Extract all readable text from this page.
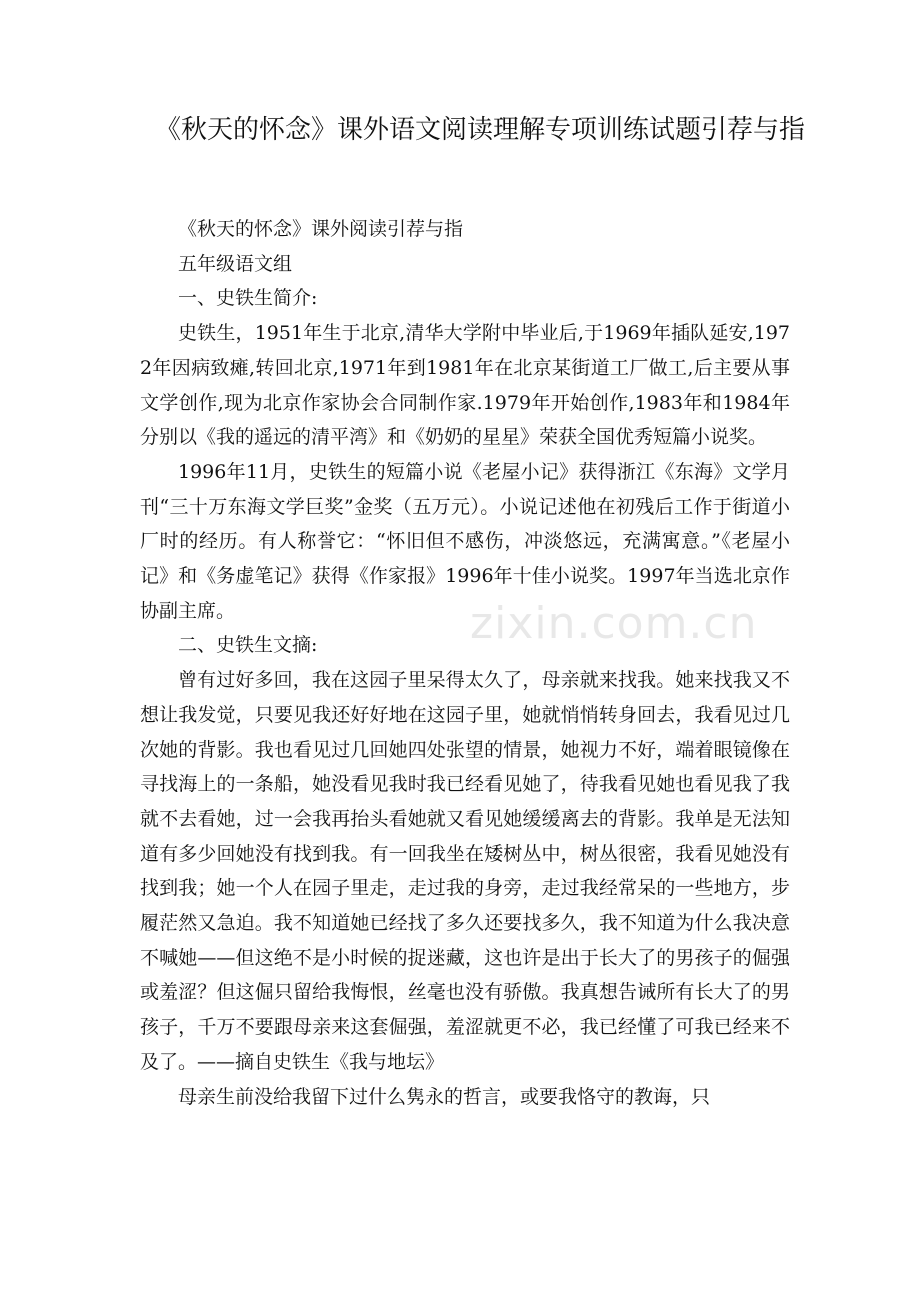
《秋天的怀念》课外语文阅读理解专项训练试题引荐与指

《秋天的怀念》课外阅读引荐与指

五年级语文组

一、史铁生简介:

史铁生，1951年生于北京,清华大学附中毕业后,于1969年插队延安,1972年因病致瘫,转回北京,1971年到1981年在北京某街道工厂做工,后主要从事文学创作,现为北京作家协会合同制作家.1979年开始创作,1983年和1984年分别以《我的遥远的清平湾》和《奶奶的星星》荣获全国优秀短篇小说奖。

1996年11月，史铁生的短篇小说《老屋小记》获得浙江《东海》文学月刊“三十万东海文学巨奖”金奖（五万元）。小说记述他在初残后工作于街道小厂时的经历。有人称誉它：“怀旧但不感伤，冲淡悠远，充满寓意。”《老屋小记》和《务虚笔记》获得《作家报》1996年十佳小说奖。1997年当选北京作协副主席。

二、史铁生文摘:

曾有过好多回，我在这园子里呆得太久了，母亲就来找我。她来找我又不想让我发觉，只要见我还好好地在这园子里，她就悄悄转身回去，我看见过几次她的背影。我也看见过几回她四处张望的情景，她视力不好，端着眼镜像在寻找海上的一条船，她没看见我时我已经看见她了，待我看见她也看见我了我就不去看她，过一会我再抬头看她就又看见她缓缓离去的背影。我单是无法知道有多少回她没有找到我。有一回我坐在矮树丛中，树丛很密，我看见她没有找到我；她一个人在园子里走，走过我的身旁，走过我经常呆的一些地方，步履茫然又急迫。我不知道她已经找了多久还要找多久，我不知道为什么我决意不喊她——但这绝不是小时候的捉迷藏，这也许是出于长大了的男孩子的倔强或羞涩？但这倔只留给我悔恨，丝毫也没有骄傲。我真想告诫所有长大了的男孩子，千万不要跟母亲来这套倔强，羞涩就更不必，我已经懂了可我已经来不及了。——摘自史铁生《我与地坛》

母亲生前没给我留下过什么隽永的哲言，或要我恪守的教诲，只

zixin.com.cn
